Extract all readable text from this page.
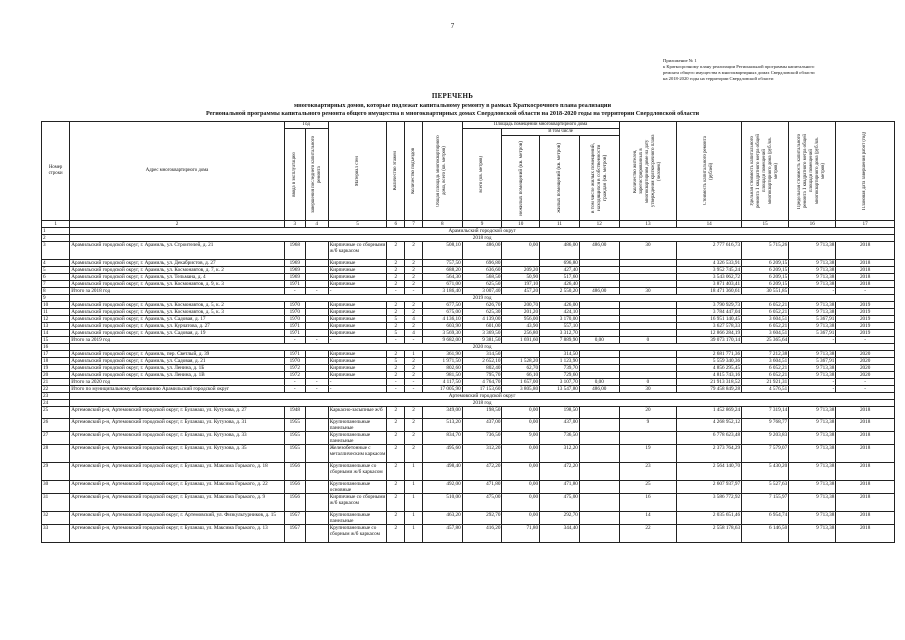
7
Приложение № 1
к Краткосрочному плану реализации Региональной программы капитального
ремонта общего имущества в многоквартирных домах Свердловской области
на 2018-2020 годы на территории Свердловской области
ПЕРЕЧЕНЬ
многоквартирных домов, которые подлежат капитальному ремонту в рамках Краткосрочного плана реализации
Региональной программы капитального ремонта общего имущества в многоквартирных домах Свердловской области на 2018-2020 годы на территории Свердловской области
Номер строки	Адрес многоквартирного дома	Год		Материал стен	Количество этажей	Количество подъездов	Общая площадь многоквартирного дома, всего (кв. метров)	Площадь помещений многоквартирного дома				Количество жителей, зарегистрированных в многоквартирном доме на дату утверждения краткосрочного плана (человек)	Стоимость капитального ремонта (рублей)	Удельная стоимость капитального ремонта 1 квадратного метра общей площади помещений многоквартирного дома (руб./кв. метров)	Предельная стоимость капитального ремонта 1 квадратного метра общей площади помещений многоквартирного дома (руб./кв. метров)	Плановая дата завершения работ (год)

		ввода в эксплуатацию	завершения последнего капитального ремонта					всего (кв. метров)	В том числе							

									нежилых помещений (кв. метров)	жилых помещений (кв. метров)	в том числе жилых помещений, находящихся в собственности граждан (кв. метров)					

1	2	3	4	5	6	7	8	9	10	11	12	13	14	15	16	17
1	Арамильский городской округ															
2	2018 год															
3	Арамильский городской округ, г. Арамиль, ул. Строителей, д. 21	1968		Кирпичные со сборными ж/б каркасом	2	2	508,10	486,00	0,00	486,00	486,00	30	2 777 616,73	5 715,26	9 713,38	2018
4	Арамильский городской округ, г. Арамиль, ул. Декабристов, д. 27	1969		Кирпичные	2	2	757,50	696,80		696,80			4 326 533,91	6 209,15	9 713,38	2018
5	Арамильский городской округ, г. Арамиль, ул. Космонавтов, д. 7, к. 2	1969		Кирпичные	2	2	688,20	636,60	209,20	427,40			3 952 745,24	6 209,15	9 713,38	2018
6	Арамильский городской округ, г. Арамиль, ул. Тельмана, д. 4	1969		Кирпичные	2	2	564,30	568,50	50,90	517,60			3 543 062,72	6 209,15	9 713,38	2018
7	Арамильский городской округ, г. Арамиль, ул. Космонавтов, д. 9, к. 3	1971		Кирпичные	2	2	671,00	625,50	197,10	426,40			3 871 403,41	6 209,15	9 713,38	2018
8	Итого за 2018 год	-	-	-	-	-	3 186,40	3 007,40	457,20	2 550,20	486,00	30	18 471 360,61	30 551,85	-	-
9	2019 год															
10	Арамильский городской округ, г. Арамиль, ул. Космонавтов, д. 5, к. 2	1970		Кирпичные	2	2	677,50	626,70	200,70	426,00			3 790 929,73	6 052,21	9 713,38	2019
11	Арамильский городской округ, г. Арамиль, ул. Космонавтов, д. 5, к. 3	1970		Кирпичные	2	2	675,00	625,30	201,20	424,10			3 784 447,04	6 052,21	9 713,38	2019
12	Арамильский городской округ, г. Арамиль, ул. Садовая, д. 17	1970		Кирпичные	5	4	4 136,10	4 139,00	956,00	3 170,00			16 951 140,45	3 604,51	5 367,91	2019
13	Арамильский городской округ, г. Арамиль, ул. Курчатова, д. 27	1971		Кирпичные	2	2	603,90	601,00	43,90	557,10			3 627 578,33	6 052,21	9 713,38	2019
14	Арамильский городской округ, г. Арамиль, ул. Садовая, д. 19	1971		Кирпичные	5	4	3 569,30	3 369,50	256,80	3 312,70			12 866 284,19	3 604,51	5 367,91	2019
15	Итого за 2019 год	-	-	-	-	-	9 682,00	9 381,50	1 691,60	7 889,90	0,00	0	39 073 170,14	25 365,64	-	-
16	2020 год															
17	Арамильский городской округ, г. Арамиль, пер. Светлый, д. 39	1971		Кирпичные	2	1	361,90	314,50		314,50			2 681 771,36	7 212,38	9 713,38	2020
18	Арамильский городской округ, г. Арамиль, ул. Садовая, д. 21	1970		Кирпичные	5	2	1 971,50	2 652,10	1 528,20	1 123,90			5 559 340,36	3 604,51	5 367,91	2020
19	Арамильский городской округ, г. Арамиль, ул. Ленина, д. 1Б	1972		Кирпичные	2	2	802,60	802,40	62,70	739,70			4 856 295,45	6 052,21	9 713,38	2020
20	Арамильский городской округ, г. Арамиль, ул. Ленина, д. 1В	1972		Кирпичные	2	2	981,50	795,70	66,10	729,60			4 815 743,16	6 052,21	9 713,38	2020
21	Итого за 2020 год	-	-	-	-	-	4 117,50	4 764,70	1 657,00	3 107,70	0,00	0	21 913 318,52	21 921,31	-	-
22	Итого по муниципальному образованию Арамильский городской округ	-	-	-	-	-	17 005,90	17 153,60	3 805,80	13 547,80	486,00	30	79 458 849,28	4 576,51	-	-
23	Артемовский городской округ															
24	2018 год															
25	Артемовский р-н, Артемовский городской округ, г. Буланаш, ул. Кутузова, д. 27	1948		Каркасно-засыпные ж/б	2	2	349,00	198,50	0,00	198,50		20	1 452 869,24	7 319,14	9 713,38	2018
26	Артемовский р-н, Артемовский городской округ, г. Буланаш, ул. Кутузова, д. 31	1955		Крупнопанельные панельные	2	2	513,20	437,00	0,00	437,00		9	4 268 952,12	9 768,77	9 713,38	2018
27	Артемовский р-н, Артемовский городской округ, г. Буланаш, ул. Кутузова, д. 33	1955		Крупнопанельные панельные	2	2	834,70	736,50	9,00	736,50			6 778 623,48	9 203,83	9 713,38	2018
28	Артемовский р-н, Артемовский городской округ, г. Буланаш, ул. Кутузова, д. 35	1955		Железобетонные с металлическим каркасом	2	2	495,60	312,20	0,00	312,20		19	2 373 764,29	7 579,07	9 713,38	2018
29	Артемовский р-н, Артемовский городской округ, г. Буланаш, ул. Максима Горького, д. 18	1956		Крупнопанельные со сборными ж/б каркасом	2	1	498,40	472,20	0,00	472,20		23	2 564 140,70	5 430,20	9 713,38	2018
30	Артемовский р-н, Артемовский городской округ, г. Буланаш, ул. Максима Горького, д. 22	1956		Крупнопанельные основные	2	1	492,00	471,80	0,00	471,80		25	2 607 937,97	5 527,63	9 713,38	2018
31	Артемовский р-н, Артемовский городской округ, г. Буланаш, ул. Максима Горького, д. 9	1956		Кирпичные со сборными ж/б каркасом	2	1	510,00	475,00	0,00	475,00		16	3 586 772,92	7 155,97	9 713,38	2018
32	Артемовский р-н, Артемовский городской округ, г. Артемовский, ул. Физкультурников, д. 15	1957		Крупнопанельные панельные	2	1	463,20	292,70	0,00	292,70		14	2 035 651,46	6 954,74	9 713,38	2018
33	Артемовский р-н, Артемовский городской округ, г. Буланаш, ул. Максима Горького, д. 13	1957		Крупнопанельные со сборным ж/б каркасом	2	1	457,80	416,20	71,80	344,40		22	2 558 178,63	6 146,50	9 713,38	2018
